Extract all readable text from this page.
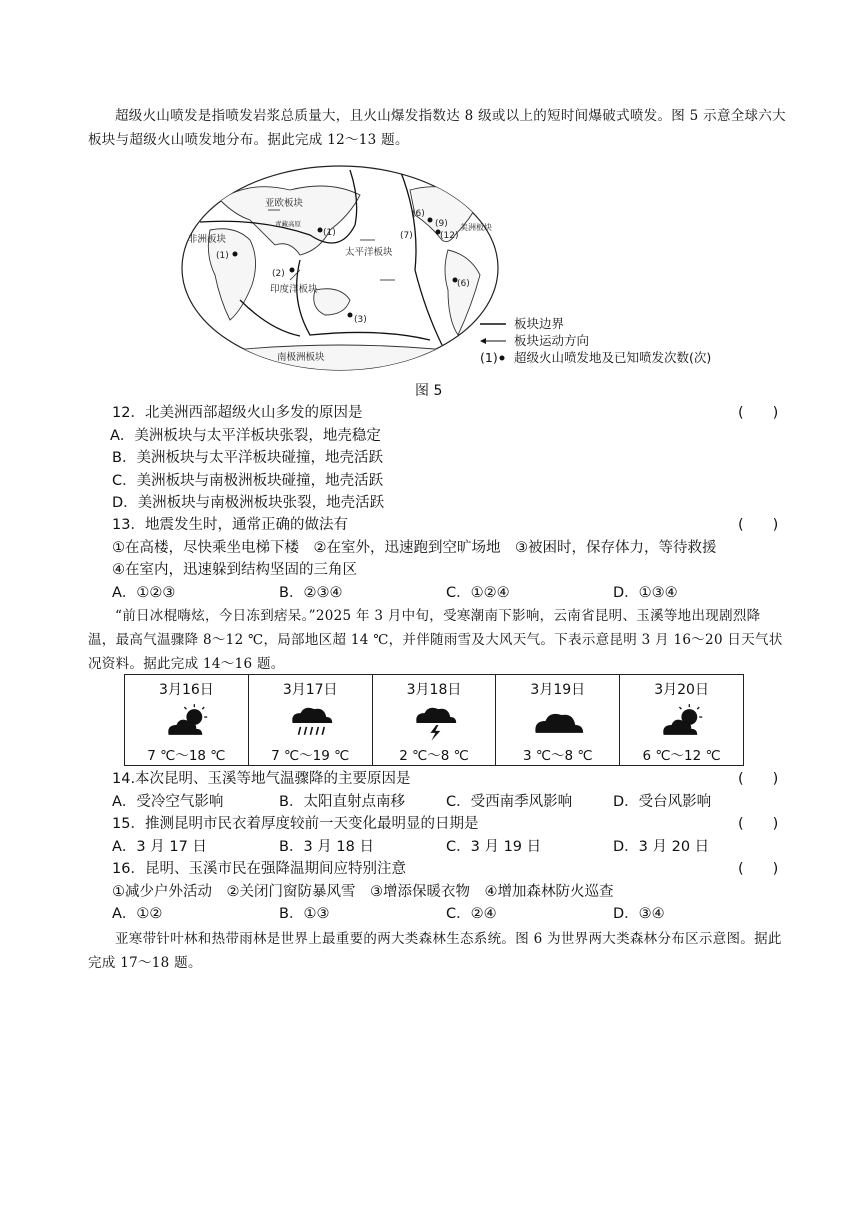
超级火山喷发是指喷发岩浆总质量大，且火山爆发指数达 8 级或以上的短时间爆破式喷发。图 5 示意全球六大板块与超级火山喷发地分布。据此完成 12～13 题。
亚欧板块
青藏高原
非洲板块
太平洋板块
印度洋板块
南极洲板块
美洲板块
(1)
(1)
(2)
(3)
(6)
(9)
(12)
(7)
(6)
板块边界
板块运动方向
(1) 超级火山喷发地及已知喷发次数(次)
图 5
12．北美洲西部超级火山多发的原因是	(　　)
A．美洲板块与太平洋板块张裂，地壳稳定
B．美洲板块与太平洋板块碰撞，地壳活跃
C．美洲板块与南极洲板块碰撞，地壳活跃
D．美洲板块与南极洲板块张裂，地壳活跃
13．地震发生时，通常正确的做法有	(　　)
①在高楼，尽快乘坐电梯下楼　②在室外，迅速跑到空旷场地　③被困时，保存体力，等待救援
④在室内，迅速躲到结构坚固的三角区
A．①②③	B．②③④	C．①②④	D．①③④
“前日冰棍嗨炫，今日冻到痞呆。”2025 年 3 月中旬，受寒潮南下影响，云南省昆明、玉溪等地出现剧烈降温，最高气温骤降 8～12 ℃，局部地区超 14 ℃，并伴随雨雪及大风天气。下表示意昆明 3 月 16～20 日天气状况资料。据此完成 14～16 题。
3月16日
7 ℃～18 ℃
3月17日
7 ℃～19 ℃
3月18日
2 ℃～8 ℃
3月19日
3 ℃～8 ℃
3月20日
6 ℃～12 ℃
14.本次昆明、玉溪等地气温骤降的主要原因是	(　　)
A．受冷空气影响	B．太阳直射点南移	C．受西南季风影响	D．受台风影响
15．推测昆明市民衣着厚度较前一天变化最明显的日期是	(　　)
A．3 月 17 日	B．3 月 18 日	C．3 月 19 日	D．3 月 20 日
16．昆明、玉溪市民在强降温期间应特别注意	(　　)
①减少户外活动　②关闭门窗防暴风雪　③增添保暖衣物　④增加森林防火巡查
A．①②	B．①③	C．②④	D．③④
亚寒带针叶林和热带雨林是世界上最重要的两大类森林生态系统。图 6 为世界两大类森林分布区示意图。据此完成 17～18 题。
